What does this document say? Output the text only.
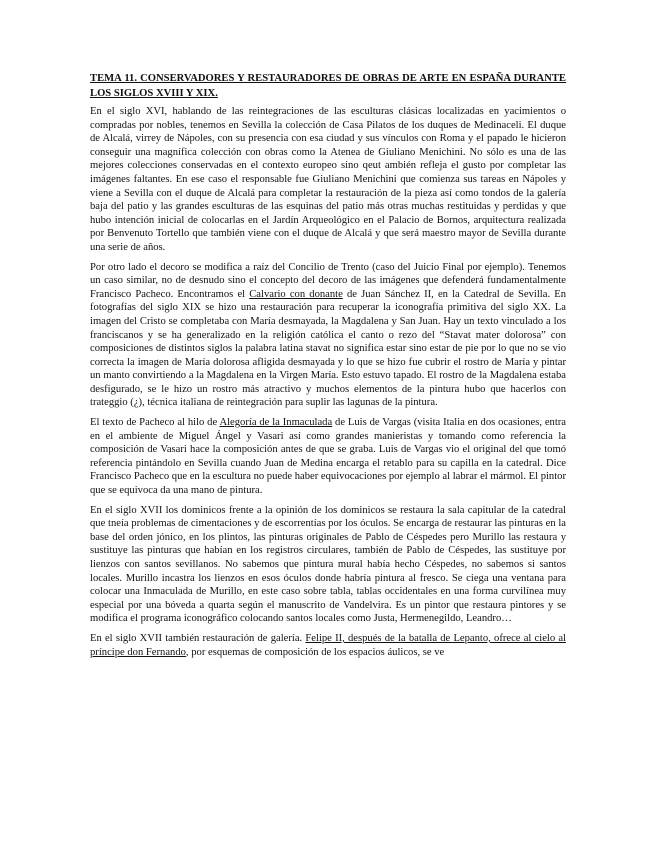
TEMA 11. CONSERVADORES Y RESTAURADORES DE OBRAS DE ARTE EN ESPAÑA DURANTE LOS SIGLOS XVIII Y XIX.

En el siglo XVI, hablando de las reintegraciones de las esculturas clásicas localizadas en yacimientos o compradas por nobles, tenemos en Sevilla la colección de Casa Pilatos de los duques de Medinaceli. El duque de Alcalá, virrey de Nápoles, con su presencia con esa ciudad y sus vínculos con Roma y el papado le hicieron conseguir una magnífica colección con obras como la Atenea de Giuliano Menichini. No sólo es una de las mejores colecciones conservadas en el contexto europeo sino qeut ambién refleja el gusto por completar las imágenes faltantes. En ese caso el responsable fue Giuliano Menichini que comienza sus tareas en Nápoles y viene a Sevilla con el duque de Alcalá para completar la restauración de la pieza así como tondos de la galería baja del patio y las grandes esculturas de las esquinas del patio más otras muchas restituidas y perdidas y que hubo intención inicial de colocarlas en el Jardín Arqueológico en el Palacio de Bornos, arquitectura realizada por Benvenuto Tortello que también viene con el duque de Alcalá y que será maestro mayor de Sevilla durante una serie de años.

Por otro lado el decoro se modifica a raíz del Concilio de Trento (caso del Juicio Final por ejemplo). Tenemos un caso similar, no de desnudo sino el concepto del decoro de las imágenes que defenderá fundamentalmente Francisco Pacheco. Encontramos el Calvario con donante de Juan Sánchez II, en la Catedral de Sevilla. En fotografías del siglo XIX se hizo una restauración para recuperar la iconografía primitiva del siglo XX. La imagen del Cristo se completaba con María desmayada, la Magdalena y San Juan. Hay un texto vinculado a los franciscanos y se ha generalizado en la religión católica el canto o rezo del “Stavat mater dolorosa” con composiciones de distintos siglos la palabra latina stavat no significa estar sino estar de pie por lo que no se vio correcta la imagen de María dolorosa afligida desmayada y lo que se hizo fue cubrir el rostro de María y pintar un manto convirtiendo a la Magdalena en la Virgen María. Esto estuvo tapado. El rostro de la Magdalena estaba desfigurado, se le hizo un rostro más atractivo y muchos elementos de la pintura hubo que hacerlos con trateggio (¿), técnica italiana de reintegración para suplir las lagunas de la pintura.

El texto de Pacheco al hilo de Alegoría de la Inmaculada de Luis de Vargas (visita Italia en dos ocasiones, entra en el ambiente de Miguel Ángel y Vasari así como grandes manieristas y tomando como referencia la composición de Vasari hace la composición antes de que se graba. Luis de Vargas vio el original del que tomó referencia pintándolo en Sevilla cuando Juan de Medina encarga el retablo para su capilla en la catedral. Dice Francisco Pacheco que en la escultura no puede haber equivocaciones por ejemplo al labrar el mármol. El pintor que se equivoca da una mano de pintura.

En el siglo XVII los dominicos frente a la opinión de los dominicos se restaura la sala capitular de la catedral que tneía problemas de cimentaciones y de escorrentías por los óculos. Se encarga de restaurar las pinturas en la base del orden jónico, en los plintos, las pinturas originales de Pablo de Céspedes pero Murillo las restaura y sustituye las pinturas que habían en los registros circulares, también de Pablo de Céspedes, las sustituye por lienzos con santos sevillanos. No sabemos que pintura mural había hecho Céspedes, no sabemos si santos locales. Murillo incastra los lienzos en esos óculos donde habría pintura al fresco. Se ciega una ventana para colocar una Inmaculada de Murillo, en este caso sobre tabla, tablas occidentales en una forma curvilínea muy especial por una bóveda a quarta según el manuscrito de Vandelvira. Es un pintor que restaura pintores y se modifica el programa iconográfico colocando santos locales como Justa, Hermenegildo, Leandro…

En el siglo XVII también restauración de galería. Felipe II, después de la batalla de Lepanto, ofrece al cielo al príncipe don Fernando, por esquemas de composición de los espacios áulicos, se ve
